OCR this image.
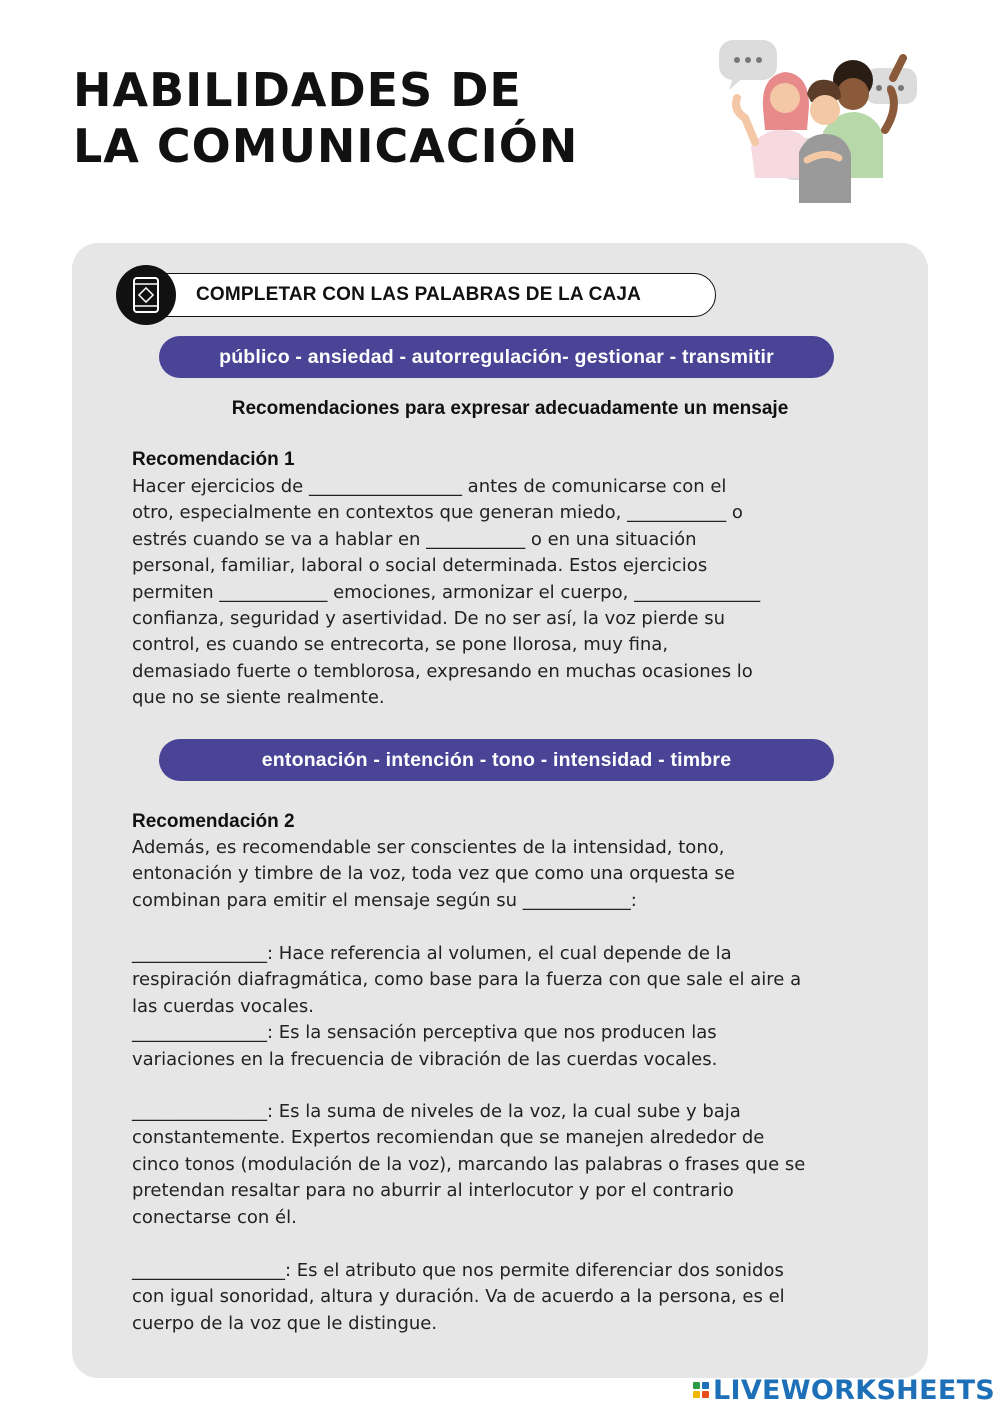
HABILIDADES DE
LA COMUNICACIÓN
COMPLETAR CON LAS PALABRAS DE LA CAJA
público - ansiedad - autorregulación- gestionar - transmitir
Recomendaciones para expresar adecuadamente un mensaje
Recomendación 1

Hacer ejercicios de _________________ antes de comunicarse con el
otro, especialmente en contextos que generan miedo, ___________ o
estrés cuando se va a hablar en ___________ o en una situación
personal, familiar, laboral o social determinada. Estos ejercicios
permiten ____________ emociones, armonizar el cuerpo, ______________
confianza, seguridad y asertividad. De no ser así, la voz pierde su
control, es cuando se entrecorta, se pone llorosa, muy fina,
demasiado fuerte o temblorosa, expresando en muchas ocasiones lo
que no se siente realmente.

entonación - intención - tono - intensidad - timbre
Recomendación 2

Además, es recomendable ser conscientes de la intensidad, tono,
entonación y timbre de la voz, toda vez que como una orquesta se
combinan para emitir el mensaje según su ____________:

_______________: Hace referencia al volumen, el cual depende de la
respiración diafragmática, como base para la fuerza con que sale el aire a
las cuerdas vocales.
_______________: Es la sensación perceptiva que nos producen las
variaciones en la frecuencia de vibración de las cuerdas vocales.

_______________: Es la suma de niveles de la voz, la cual sube y baja
constantemente. Expertos recomiendan que se manejen alrededor de
cinco tonos (modulación de la voz), marcando las palabras o frases que se
pretendan resaltar para no aburrir al interlocutor y por el contrario
conectarse con él.

_________________: Es el atributo que nos permite diferenciar dos sonidos
con igual sonoridad, altura y duración. Va de acuerdo a la persona, es el
cuerpo de la voz que le distingue.

LIVEWORKSHEETS
